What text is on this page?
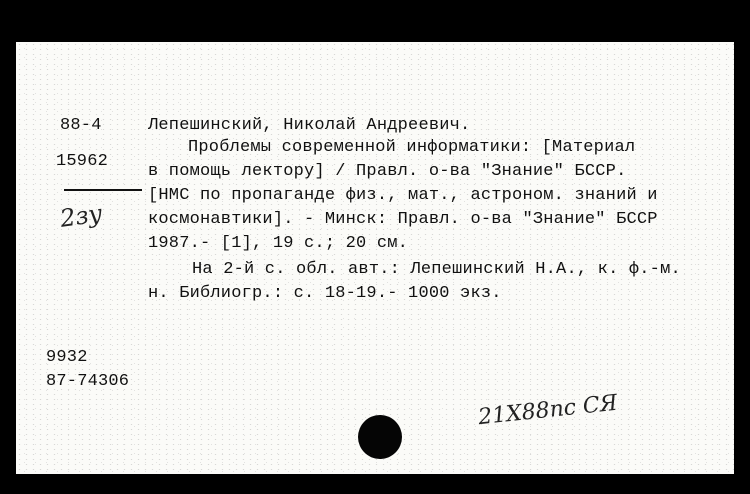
88-4
15962
2зу
Лепешинский, Николай Андреевич.
Проблемы современной информатики: [Материал
в помощь лектору] / Правл. о-ва "Знание" БССР.
[НМС по пропаганде физ., мат., астроном. знаний и
космонавтики]. - Минск: Правл. о-ва "Знание" БССР
1987.- [1], 19 с.; 20 см.
На 2-й с. обл. авт.: Лепешинский Н.А., к. ф.-м.
н. Библиогр.: с. 18-19.- 1000 экз.
9932
87-74306
21Х88пс СЯ
